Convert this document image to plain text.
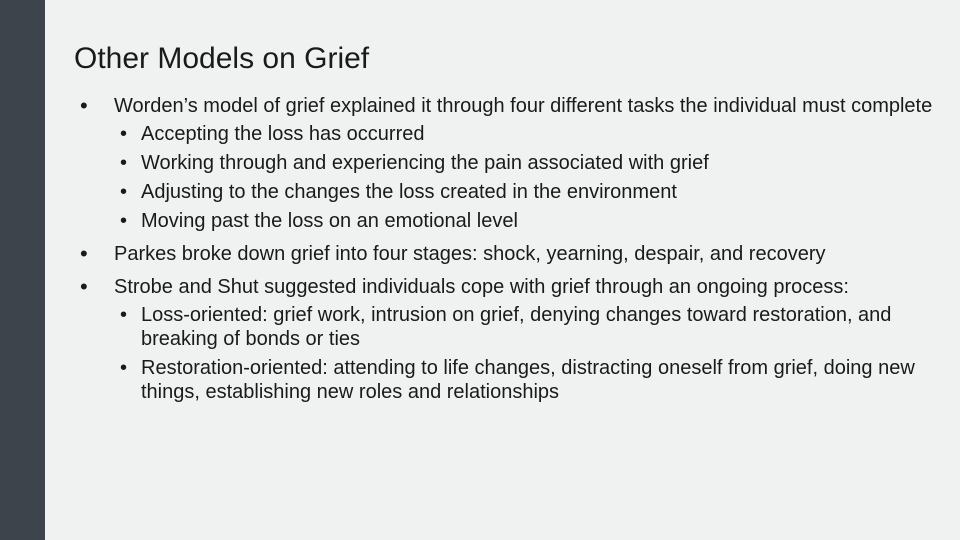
Other Models on Grief
• Worden’s model of grief explained it through four different tasks the individual must complete
• Accepting the loss has occurred
• Working through and experiencing the pain associated with grief
• Adjusting to the changes the loss created in the environment
• Moving past the loss on an emotional level
• Parkes broke down grief into four stages: shock, yearning, despair, and recovery
• Strobe and Shut suggested individuals cope with grief through an ongoing process:
• Loss-oriented: grief work, intrusion on grief, denying changes toward restoration, and breaking of bonds or ties
• Restoration-oriented: attending to life changes, distracting oneself from grief, doing new things, establishing new roles and relationships
